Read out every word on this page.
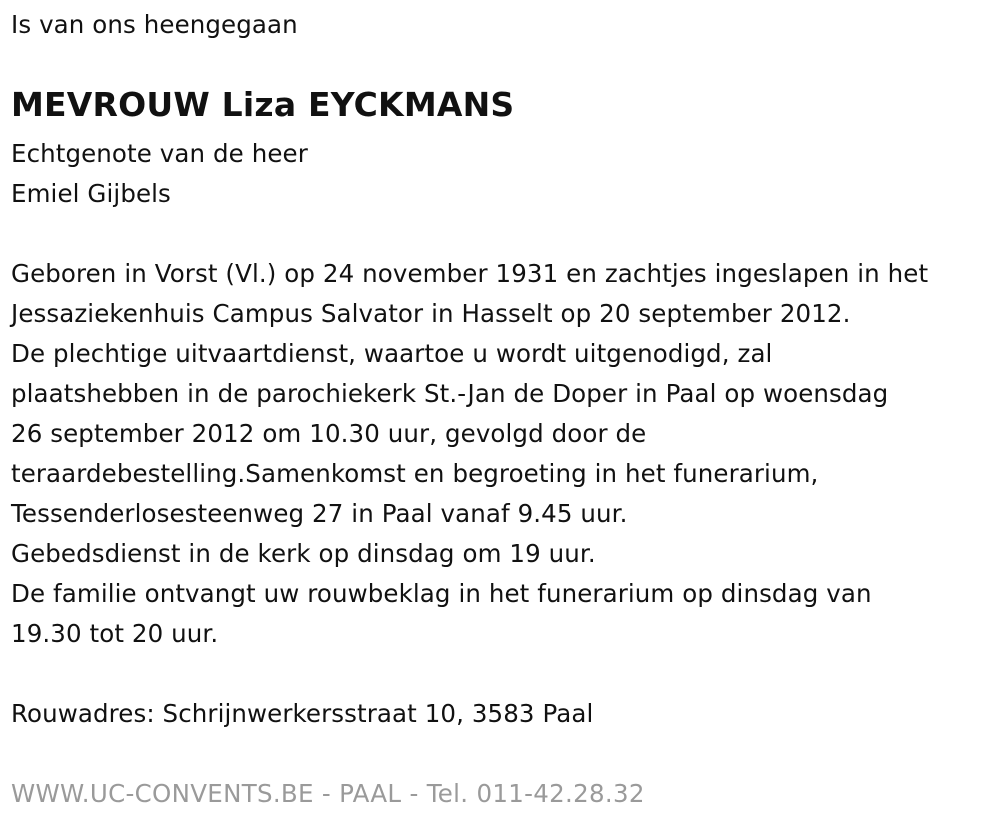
Is van ons heengegaan
MEVROUW Liza EYCKMANS
Echtgenote van de heer
Emiel Gijbels
Geboren in Vorst (Vl.) op 24 november 1931 en zachtjes ingeslapen in het
Jessaziekenhuis Campus Salvator in Hasselt op 20 september 2012.
De plechtige uitvaartdienst, waartoe u wordt uitgenodigd, zal
plaatshebben in de parochiekerk St.-Jan de Doper in Paal op woensdag
26 september 2012 om 10.30 uur, gevolgd door de
teraardebestelling.Samenkomst en begroeting in het funerarium,
Tessenderlosesteenweg 27 in Paal vanaf 9.45 uur.
Gebedsdienst in de kerk op dinsdag om 19 uur.
De familie ontvangt uw rouwbeklag in het funerarium op dinsdag van
19.30 tot 20 uur.
Rouwadres: Schrijnwerkersstraat 10, 3583 Paal
WWW.UC-CONVENTS.BE - PAAL - Tel. 011-42.28.32
